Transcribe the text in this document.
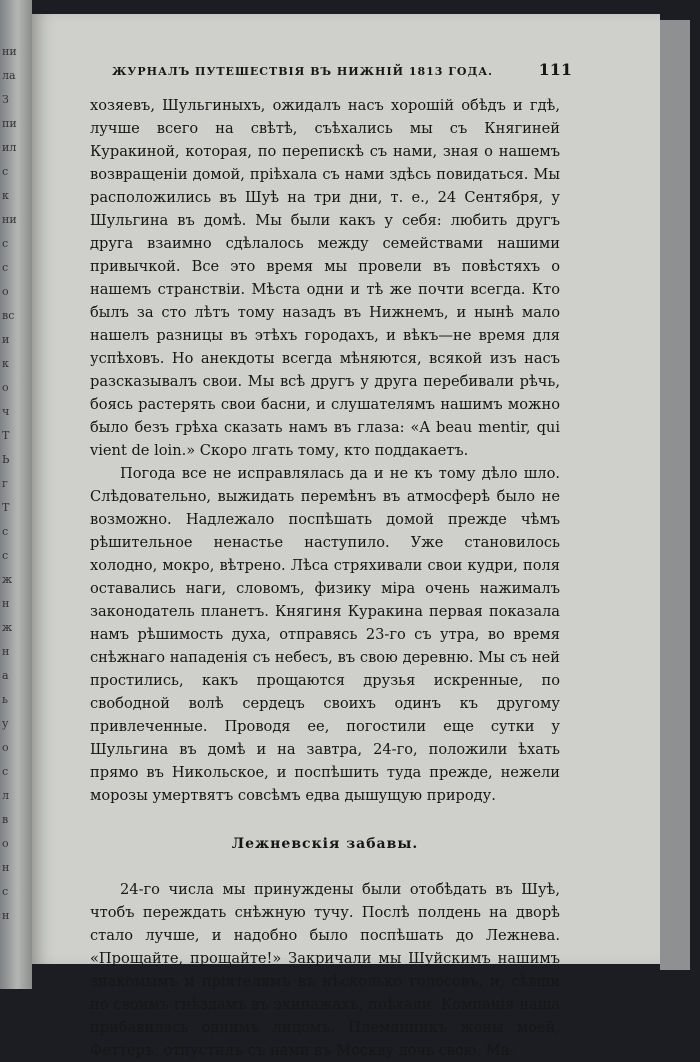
ни
ла
З
пи
ил
с
к
ни
с
с
о
вс
и
к
о
ч
Т
Ь
г
Т
с
с
ж
н
ж
н
а
ь
у
о
с
л
в
о
н
с
н
ЖУРНАЛЪ ПУТЕШЕСТВІЯ ВЪ НИЖНІЙ 1813 ГОДА.	111

хозяевъ, Шульгиныхъ, ожидалъ насъ хорошій обѣдъ и гдѣ, лучше всего на свѣтѣ, съѣхались мы съ Княгиней Куракиной, которая, по перепискѣ съ нами, зная о нашемъ возвращеніи домой, пріѣхала съ нами здѣсь повидаться. Мы расположились въ Шуѣ на три дни, т. е., 24 Сентября, у Шульгина въ домѣ. Мы были какъ у себя: любить другъ друга взаимно сдѣлалось между семействами нашими привычкой. Все это время мы провели въ повѣстяхъ о нашемъ странствіи. Мѣста одни и тѣ же почти всегда. Кто былъ за сто лѣтъ тому назадъ въ Нижнемъ, и нынѣ мало нашелъ разницы въ этѣхъ городахъ, и вѣкъ—не время для успѣховъ. Но анекдоты всегда мѣняются, всякой изъ насъ разсказывалъ свои. Мы всѣ другъ у друга перебивали рѣчь, боясь растерять свои басни, и слушателямъ нашимъ можно было безъ грѣха сказать намъ въ глаза: «A beau mentir, qui vient de loin.» Скоро лгать тому, кто поддакаетъ.

Погода все не исправлялась да и не къ тому дѣло шло. Слѣдовательно, выжидать перемѣнъ въ атмосферѣ было не возможно. Надлежало поспѣшать домой прежде чѣмъ рѣшительное ненастье наступило. Уже становилось холодно, мокро, вѣтрено. Лѣса стряхивали свои кудри, поля оставались наги, словомъ, физику міра очень нажималъ законодатель планетъ. Княгиня Куракина первая показала намъ рѣшимость духа, отправясь 23-го съ утра, во время снѣжнаго нападенія съ небесъ, въ свою деревню. Мы съ ней простились, какъ прощаются друзья искренные, по свободной волѣ сердецъ своихъ одинъ къ другому привлеченные. Проводя ее, погостили еще сутки у Шульгина въ домѣ и на завтра, 24-го, положили ѣхать прямо въ Никольское, и поспѣшить туда прежде, нежели морозы умертвятъ совсѣмъ едва дышущую природу.

Лежневскія забавы.

24-го числа мы принуждены были отобѣдать въ Шуѣ, чтобъ переждать снѣжную тучу. Послѣ полдень на дворѣ стало лучше, и надобно было поспѣшать до Лежнева. «Прощайте, прощайте!» Закричали мы Шуйскимъ нашимъ знакомымъ и пріятелямъ въ нѣсколько голосовъ, и, сѣвши по своимъ гнѣздамъ въ экипажахъ, поѣхали. Компанія наша прибавилась однимъ лицомъ. Племянникъ жены моей, Феттеръ, отпустилъ съ нами въ Москву дочь свою, Ма-
